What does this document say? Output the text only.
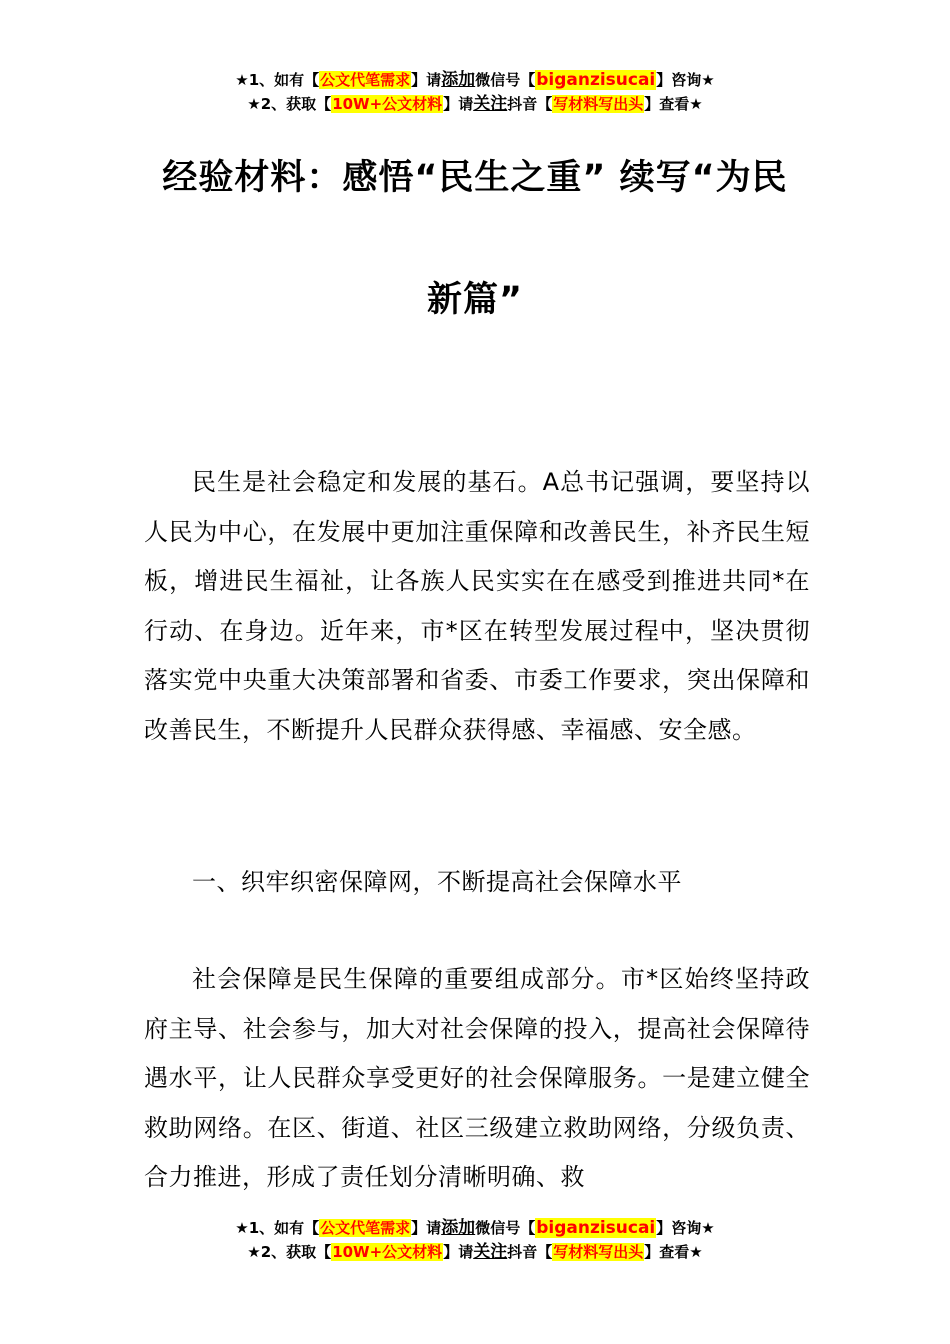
★1、如有【公文代笔需求】请添加微信号【biganzisucai】咨询★
★2、获取【10W+公文材料】请关注抖音【写材料写出头】查看★
经验材料：感悟“民生之重” 续写“为民
新篇”

民生是社会稳定和发展的基石。A总书记强调，要坚持以人民为中心，在发展中更加注重保障和改善民生，补齐民生短板，增进民生福祉，让各族人民实实在在感受到推进共同*在行动、在身边。近年来，市*区在转型发展过程中，坚决贯彻落实党中央重大决策部署和省委、市委工作要求，突出保障和改善民生，不断提升人民群众获得感、幸福感、安全感。

一、织牢织密保障网，不断提高社会保障水平

社会保障是民生保障的重要组成部分。市*区始终坚持政府主导、社会参与，加大对社会保障的投入，提高社会保障待遇水平，让人民群众享受更好的社会保障服务。一是建立健全救助网络。在区、街道、社区三级建立救助网络，分级负责、合力推进，形成了责任划分清晰明确、救

★1、如有【公文代笔需求】请添加微信号【biganzisucai】咨询★
★2、获取【10W+公文材料】请关注抖音【写材料写出头】查看★
